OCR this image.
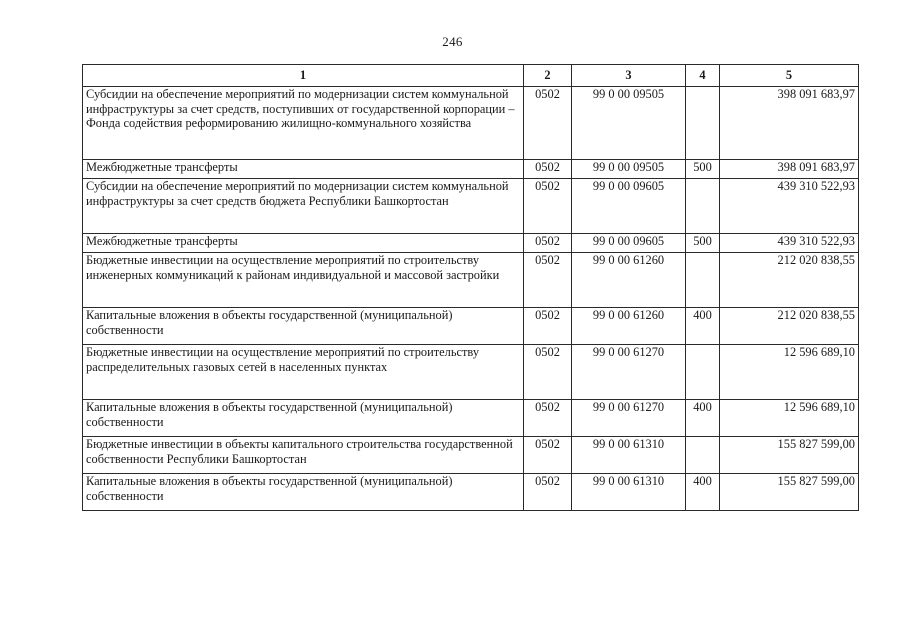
246
1	2	3	4	5
Субсидии на обеспечение мероприятий по модернизации систем коммунальной инфраструктуры за счет средств, поступивших от государственной корпорации – Фонда содействия реформированию жилищно-коммунального хозяйства	0502	99 0 00 09505		398 091 683,97
Межбюджетные трансферты	0502	99 0 00 09505	500	398 091 683,97
Субсидии на обеспечение мероприятий по модернизации систем коммунальной инфраструктуры за счет средств бюджета Республики Башкортостан	0502	99 0 00 09605		439 310 522,93
Межбюджетные трансферты	0502	99 0 00 09605	500	439 310 522,93
Бюджетные инвестиции на осуществление мероприятий по строительству инженерных коммуникаций к районам индивидуальной и массовой застройки	0502	99 0 00 61260		212 020 838,55
Капитальные вложения в объекты государственной (муниципальной) собственности	0502	99 0 00 61260	400	212 020 838,55
Бюджетные инвестиции на осуществление мероприятий по строительству распределительных газовых сетей в населенных пунктах	0502	99 0 00 61270		12 596 689,10
Капитальные вложения в объекты государственной (муниципальной) собственности	0502	99 0 00 61270	400	12 596 689,10
Бюджетные инвестиции в объекты капитального строительства государственной собственности Республики Башкортостан	0502	99 0 00 61310		155 827 599,00
Капитальные вложения в объекты государственной (муниципальной) собственности	0502	99 0 00 61310	400	155 827 599,00
